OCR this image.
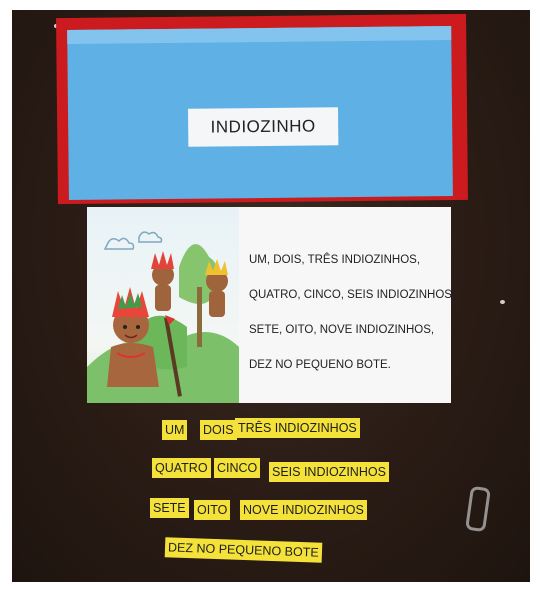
INDIOZINHO
UM, DOIS, TRÊS INDIOZINHOS,
QUATRO, CINCO, SEIS INDIOZINHOS,
SETE, OITO, NOVE INDIOZINHOS,
DEZ NO PEQUENO BOTE.
UM DOIS TRÊS INDIOZINHOS
QUATRO CINCO SEIS INDIOZINHOS
SETE OITO NOVE INDIOZINHOS
DEZ NO PEQUENO BOTE
